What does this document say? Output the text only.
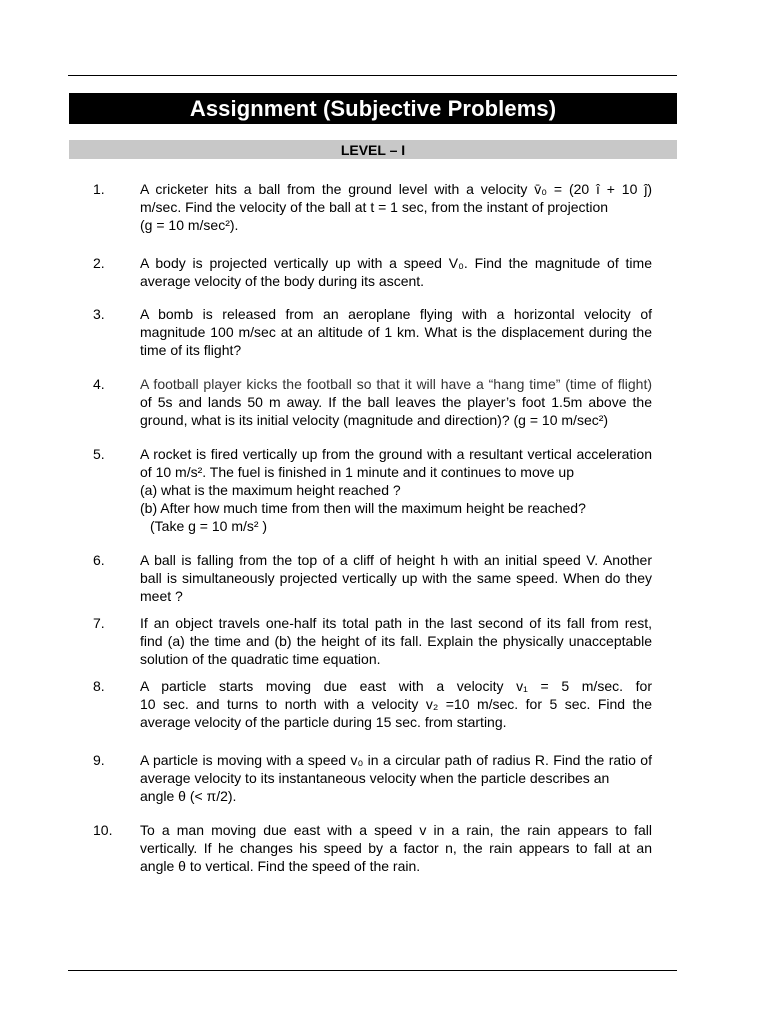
Assignment (Subjective Problems)
LEVEL – I
1.	A cricketer hits a ball from the ground level with a velocity v̄₀ = (20 î + 10 ĵ)
m/sec. Find the velocity of the ball at t = 1 sec, from the instant of projection
(g = 10 m/sec²).
2.	A body is projected vertically up with a speed V₀. Find the magnitude of time
average velocity of the body during its ascent.
3.	A bomb is released from an aeroplane flying with a horizontal velocity of
magnitude 100 m/sec at an altitude of 1 km. What is the displacement during the
time of its flight?
4.	A football player kicks the football so that it will have a “hang time” (time of flight)
of 5s and lands 50 m away. If the ball leaves the player’s foot 1.5m above the
ground, what is its initial velocity (magnitude and direction)? (g = 10 m/sec²)
5.	A rocket is fired vertically up from the ground with a resultant vertical acceleration
of 10 m/s². The fuel is finished in 1 minute and it continues to move up
(a) what is the maximum height reached ?
(b) After how much time from then will the maximum height be reached?
(Take g = 10 m/s² )
6.	A ball is falling from the top of a cliff of height h with an initial speed V. Another
ball is simultaneously projected vertically up with the same speed. When do they
meet ?
7.	If an object travels one-half its total path in the last second of its fall from rest,
find (a) the time and (b) the height of its fall. Explain the physically unacceptable
solution of the quadratic time equation.
8.	A particle starts moving due east with a velocity v₁ = 5 m/sec. for
10 sec. and turns to north with a velocity v₂ =10 m/sec. for 5 sec. Find the
average velocity of the particle during 15 sec. from starting.
9.	A particle is moving with a speed v₀ in a circular path of radius R. Find the ratio of
average velocity to its instantaneous velocity when the particle describes an
angle θ (< π/2).
10. To a man moving due east with a speed v in a rain, the rain appears to fall
vertically. If he changes his speed by a factor n, the rain appears to fall at an
angle θ to vertical. Find the speed of the rain.
